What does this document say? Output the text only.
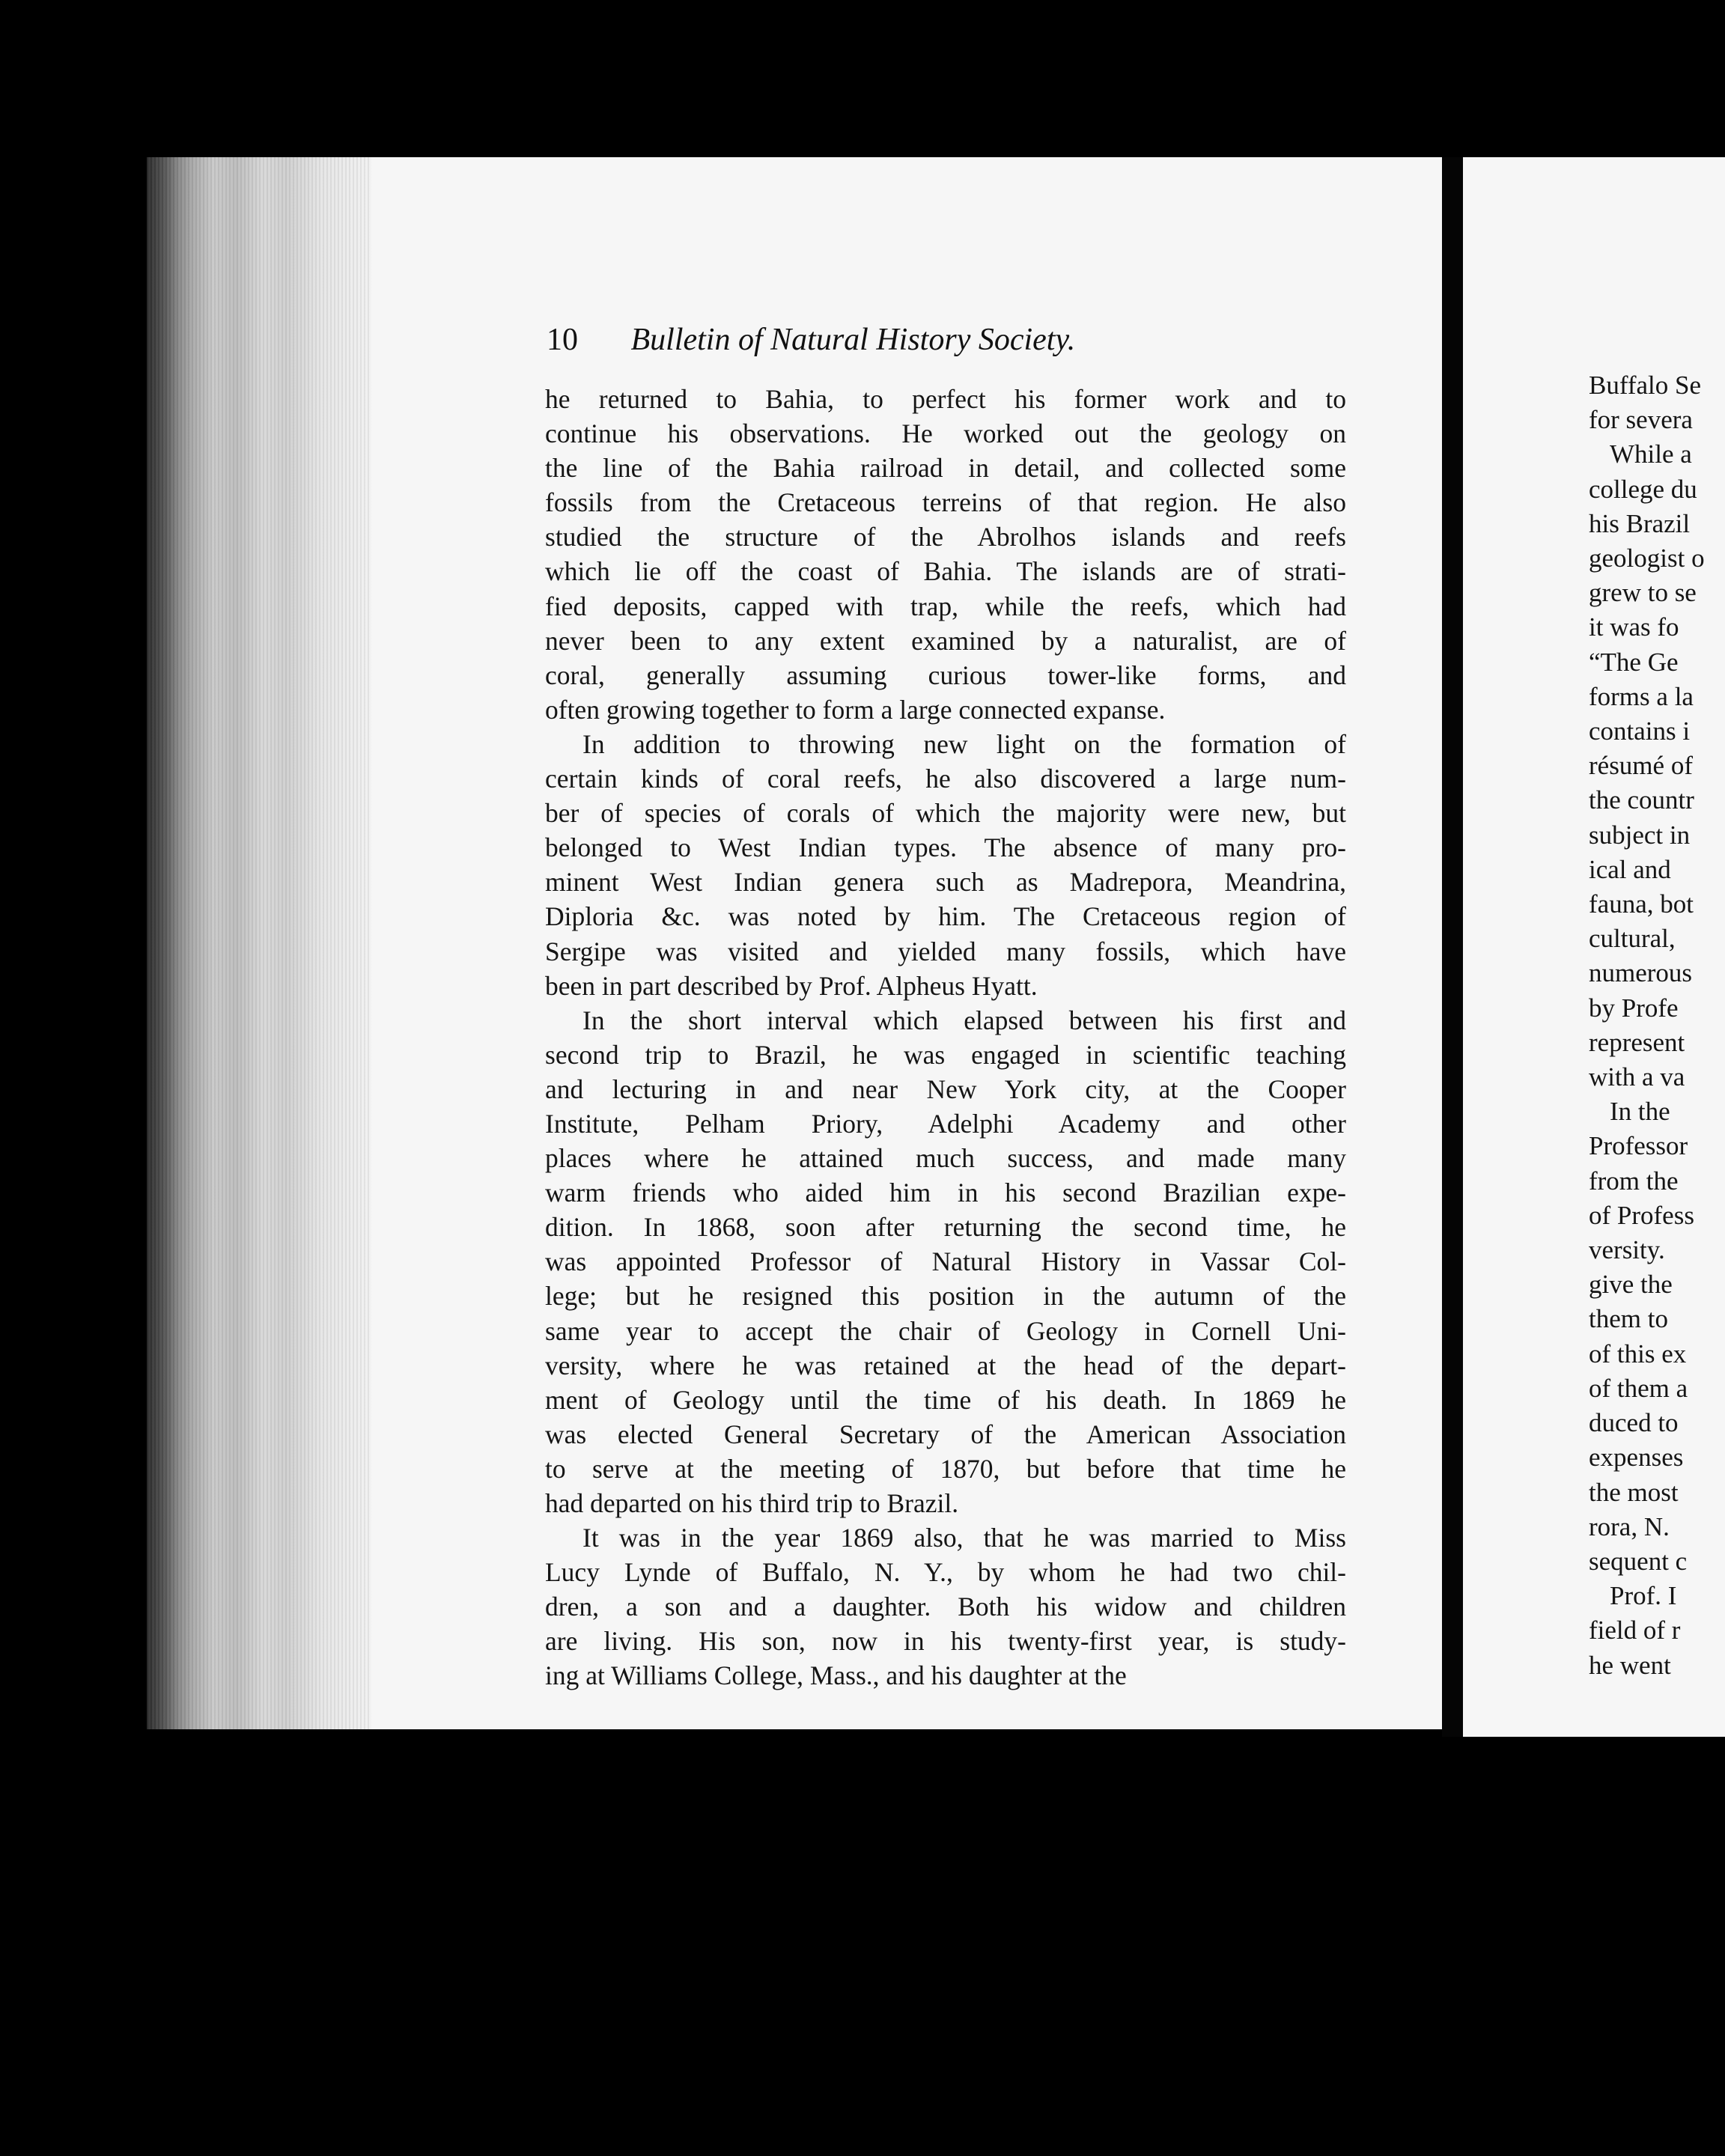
10 Bulletin of Natural History Society.
he returned to Bahia, to perfect his former work and to
continue his observations. He worked out the geology on
the line of the Bahia railroad in detail, and collected some
fossils from the Cretaceous terreins of that region. He also
studied the structure of the Abrolhos islands and reefs
which lie off the coast of Bahia. The islands are of strati-
fied deposits, capped with trap, while the reefs, which had
never been to any extent examined by a naturalist, are of
coral, generally assuming curious tower-like forms, and
often growing together to form a large connected expanse.
In addition to throwing new light on the formation of
certain kinds of coral reefs, he also discovered a large num-
ber of species of corals of which the majority were new, but
belonged to West Indian types. The absence of many pro-
minent West Indian genera such as Madrepora, Meandrina,
Diploria &c. was noted by him. The Cretaceous region of
Sergipe was visited and yielded many fossils, which have
been in part described by Prof. Alpheus Hyatt.
In the short interval which elapsed between his first and
second trip to Brazil, he was engaged in scientific teaching
and lecturing in and near New York city, at the Cooper
Institute, Pelham Priory, Adelphi Academy and other
places where he attained much success, and made many
warm friends who aided him in his second Brazilian expe-
dition. In 1868, soon after returning the second time, he
was appointed Professor of Natural History in Vassar Col-
lege; but he resigned this position in the autumn of the
same year to accept the chair of Geology in Cornell Uni-
versity, where he was retained at the head of the depart-
ment of Geology until the time of his death. In 1869 he
was elected General Secretary of the American Association
to serve at the meeting of 1870, but before that time he
had departed on his third trip to Brazil.
It was in the year 1869 also, that he was married to Miss
Lucy Lynde of Buffalo, N. Y., by whom he had two chil-
dren, a son and a daughter. Both his widow and children
are living. His son, now in his twenty-first year, is study-
ing at Williams College, Mass., and his daughter at the
Buffalo Se
for severa
While a
college du
his Brazil
geologist o
grew to se
it was fo
“The Ge
forms a la
contains i
résumé of
the countr
subject in
ical and
fauna, bot
cultural,
numerous
by Profe
represent
with a va
In the
Professor
from the
of Profess
versity.
give the
them to
of this ex
of them a
duced to
expenses
the most
rora, N.
sequent c
Prof. I
field of r
he went
